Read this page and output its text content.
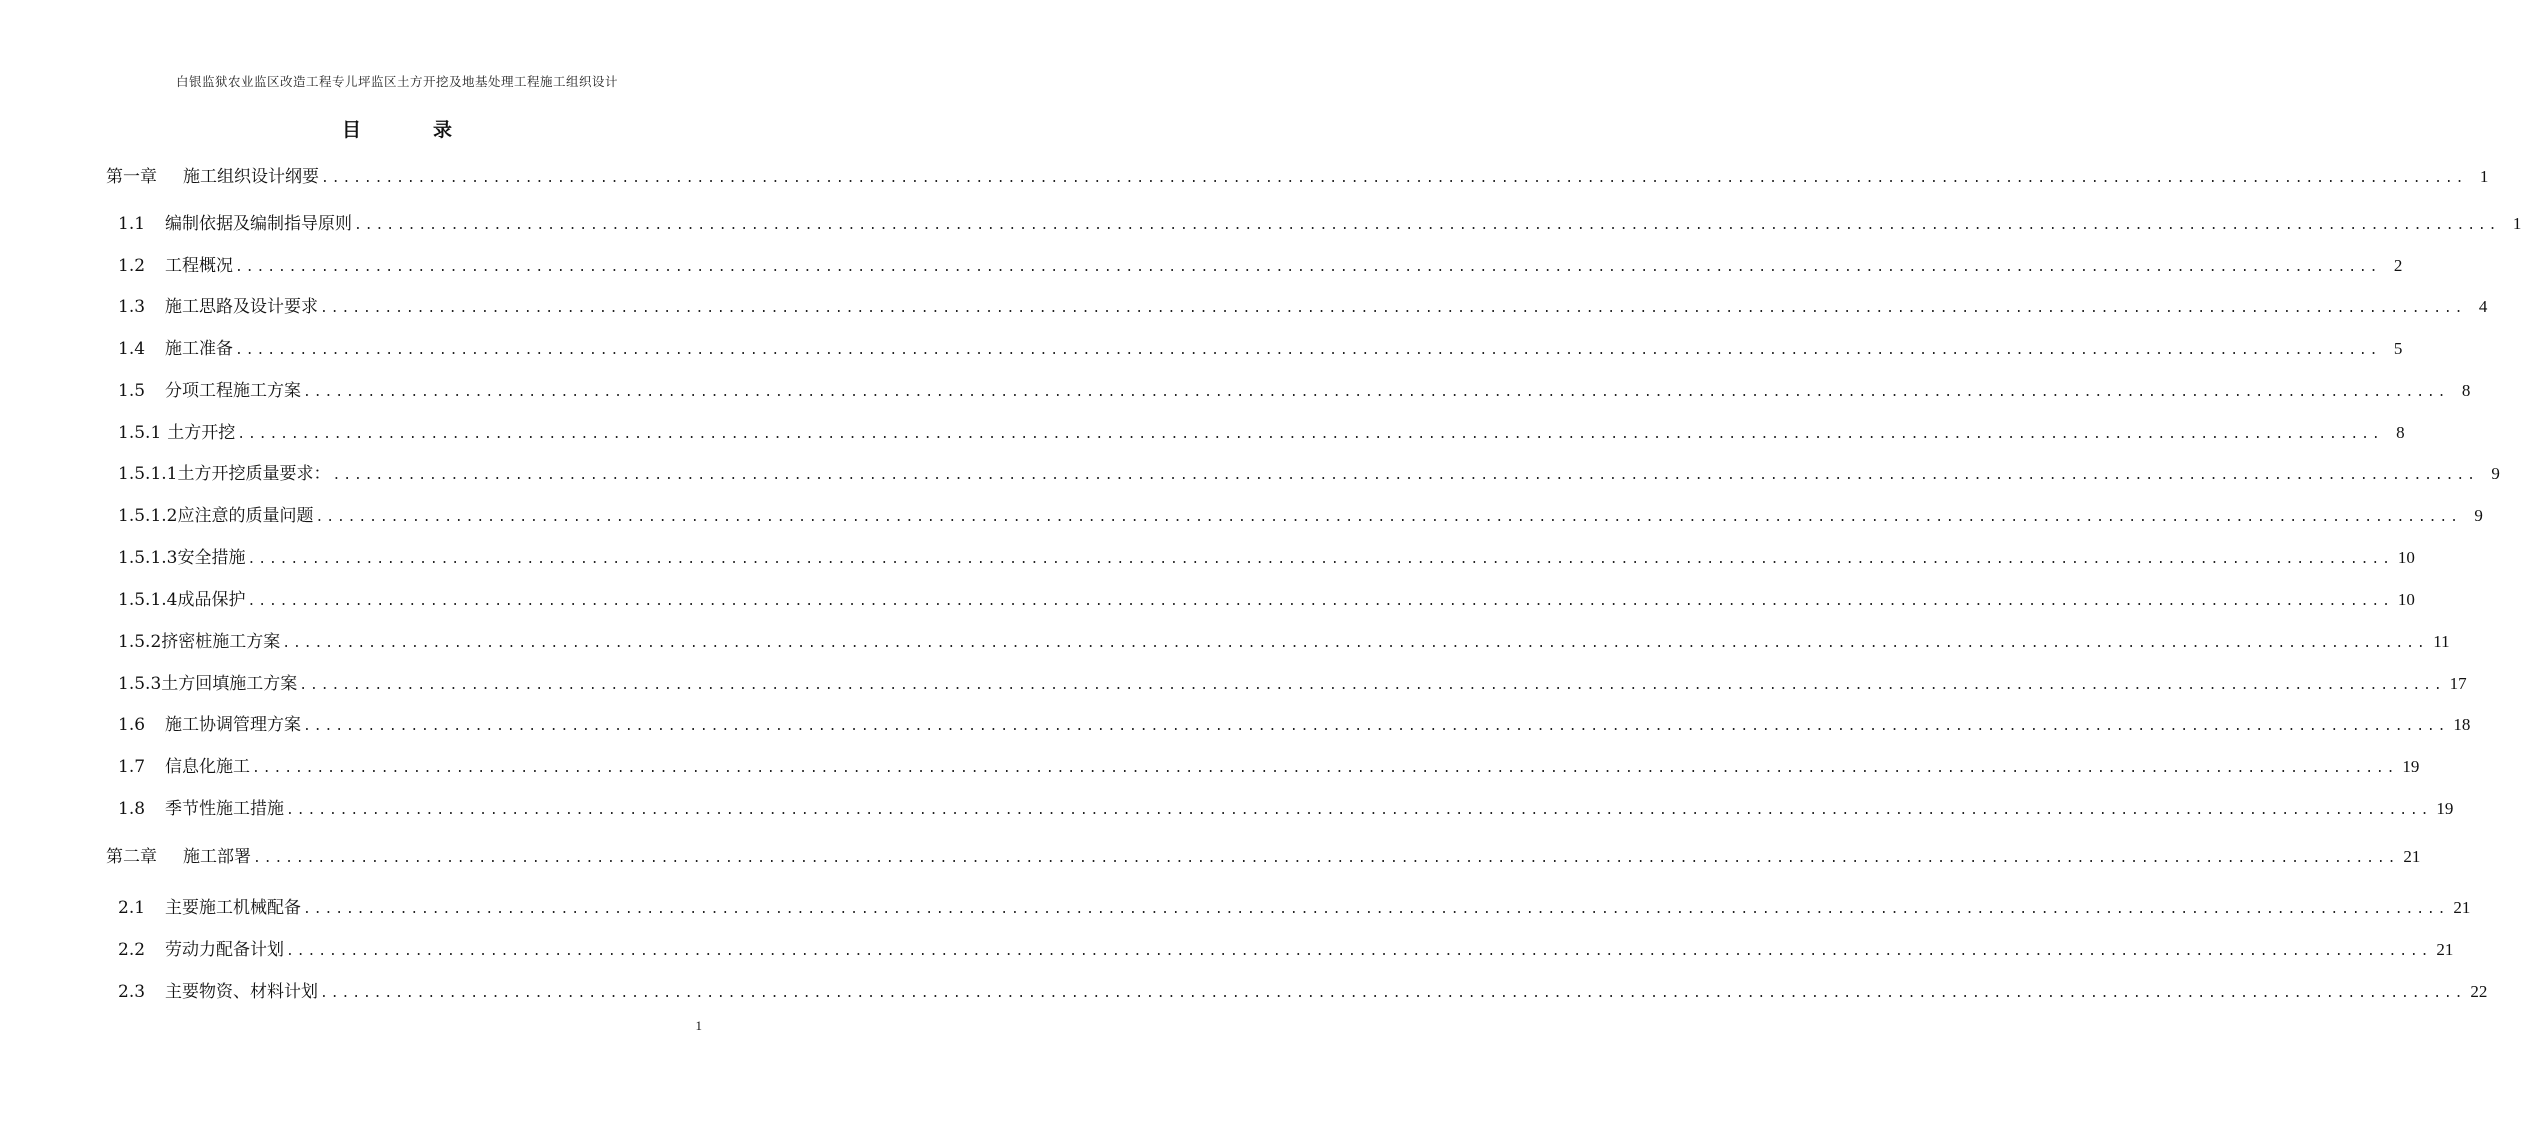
白银监狱农业监区改造工程专儿坪监区土方开挖及地基处理工程施工组织设计
目	录
第一章 施工组织设计纲要 ........................................................................................................................................................................................................ 1
1.1 编制依据及编制指导原则 ........................................................................................................................................................................................................ 1
1.2 工程概况 ........................................................................................................................................................................................................ 2
1.3 施工思路及设计要求 ........................................................................................................................................................................................................ 4
1.4 施工准备 ........................................................................................................................................................................................................ 5
1.5 分项工程施工方案 ........................................................................................................................................................................................................ 8
1.5.1 土方开挖 ........................................................................................................................................................................................................ 8
1.5.1.1土方开挖质量要求： ........................................................................................................................................................................................................ 9
1.5.1.2应注意的质量问题 ........................................................................................................................................................................................................ 9
1.5.1.3安全措施 ........................................................................................................................................................................................................ 10
1.5.1.4成品保护 ........................................................................................................................................................................................................ 10
1.5.2挤密桩施工方案 ........................................................................................................................................................................................................ 11
1.5.3土方回填施工方案 ........................................................................................................................................................................................................ 17
1.6 施工协调管理方案 ........................................................................................................................................................................................................ 18
1.7 信息化施工 ........................................................................................................................................................................................................ 19
1.8 季节性施工措施 ........................................................................................................................................................................................................ 19
第二章 施工部署 ........................................................................................................................................................................................................ 21
2.1 主要施工机械配备 ........................................................................................................................................................................................................ 21
2.2 劳动力配备计划 ........................................................................................................................................................................................................ 21
2.3 主要物资、材料计划 ........................................................................................................................................................................................................ 22
1
